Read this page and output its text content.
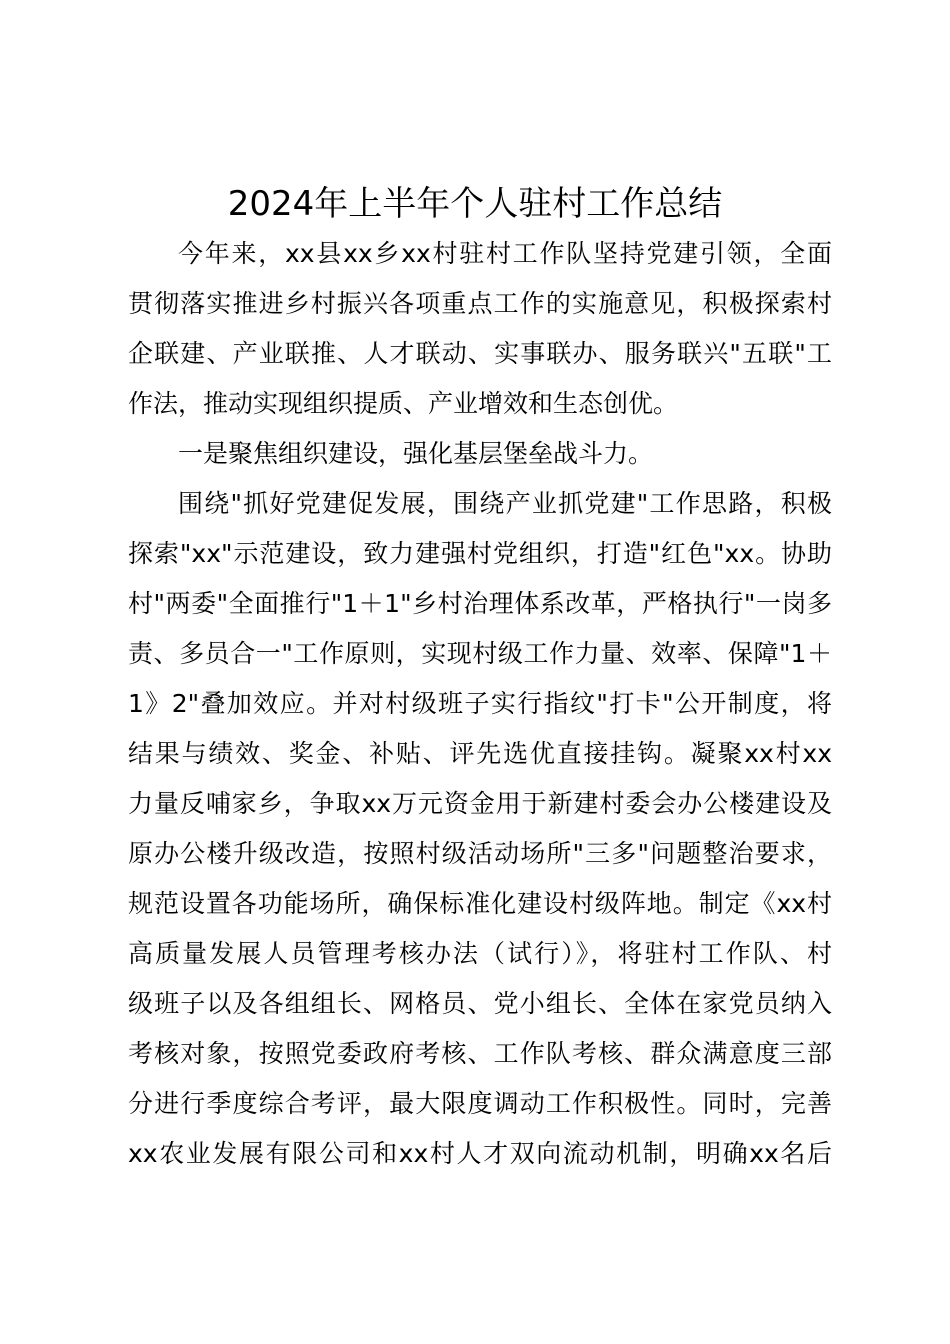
2024年上半年个人驻村工作总结
今年来，xx县xx乡xx村驻村工作队坚持党建引领，全面
贯彻落实推进乡村振兴各项重点工作的实施意见，积极探索村
企联建、产业联推、人才联动、实事联办、服务联兴"五联"工
作法，推动实现组织提质、产业增效和生态创优。
一是聚焦组织建设，强化基层堡垒战斗力。
围绕"抓好党建促发展，围绕产业抓党建"工作思路，积极
探索"xx"示范建设，致力建强村党组织，打造"红色"xx。协助
村"两委"全面推行"1＋1"乡村治理体系改革，严格执行"一岗多
责、多员合一"工作原则，实现村级工作力量、效率、保障"1＋
1》2"叠加效应。并对村级班子实行指纹"打卡"公开制度，将
结果与绩效、奖金、补贴、评先选优直接挂钩。凝聚xx村xx
力量反哺家乡，争取xx万元资金用于新建村委会办公楼建设及
原办公楼升级改造，按照村级活动场所"三多"问题整治要求，
规范设置各功能场所，确保标准化建设村级阵地。制定《xx村
高质量发展人员管理考核办法（试行）》，将驻村工作队、村
级班子以及各组组长、网格员、党小组长、全体在家党员纳入
考核对象，按照党委政府考核、工作队考核、群众满意度三部
分进行季度综合考评，最大限度调动工作积极性。同时，完善
xx农业发展有限公司和xx村人才双向流动机制，明确xx名后
